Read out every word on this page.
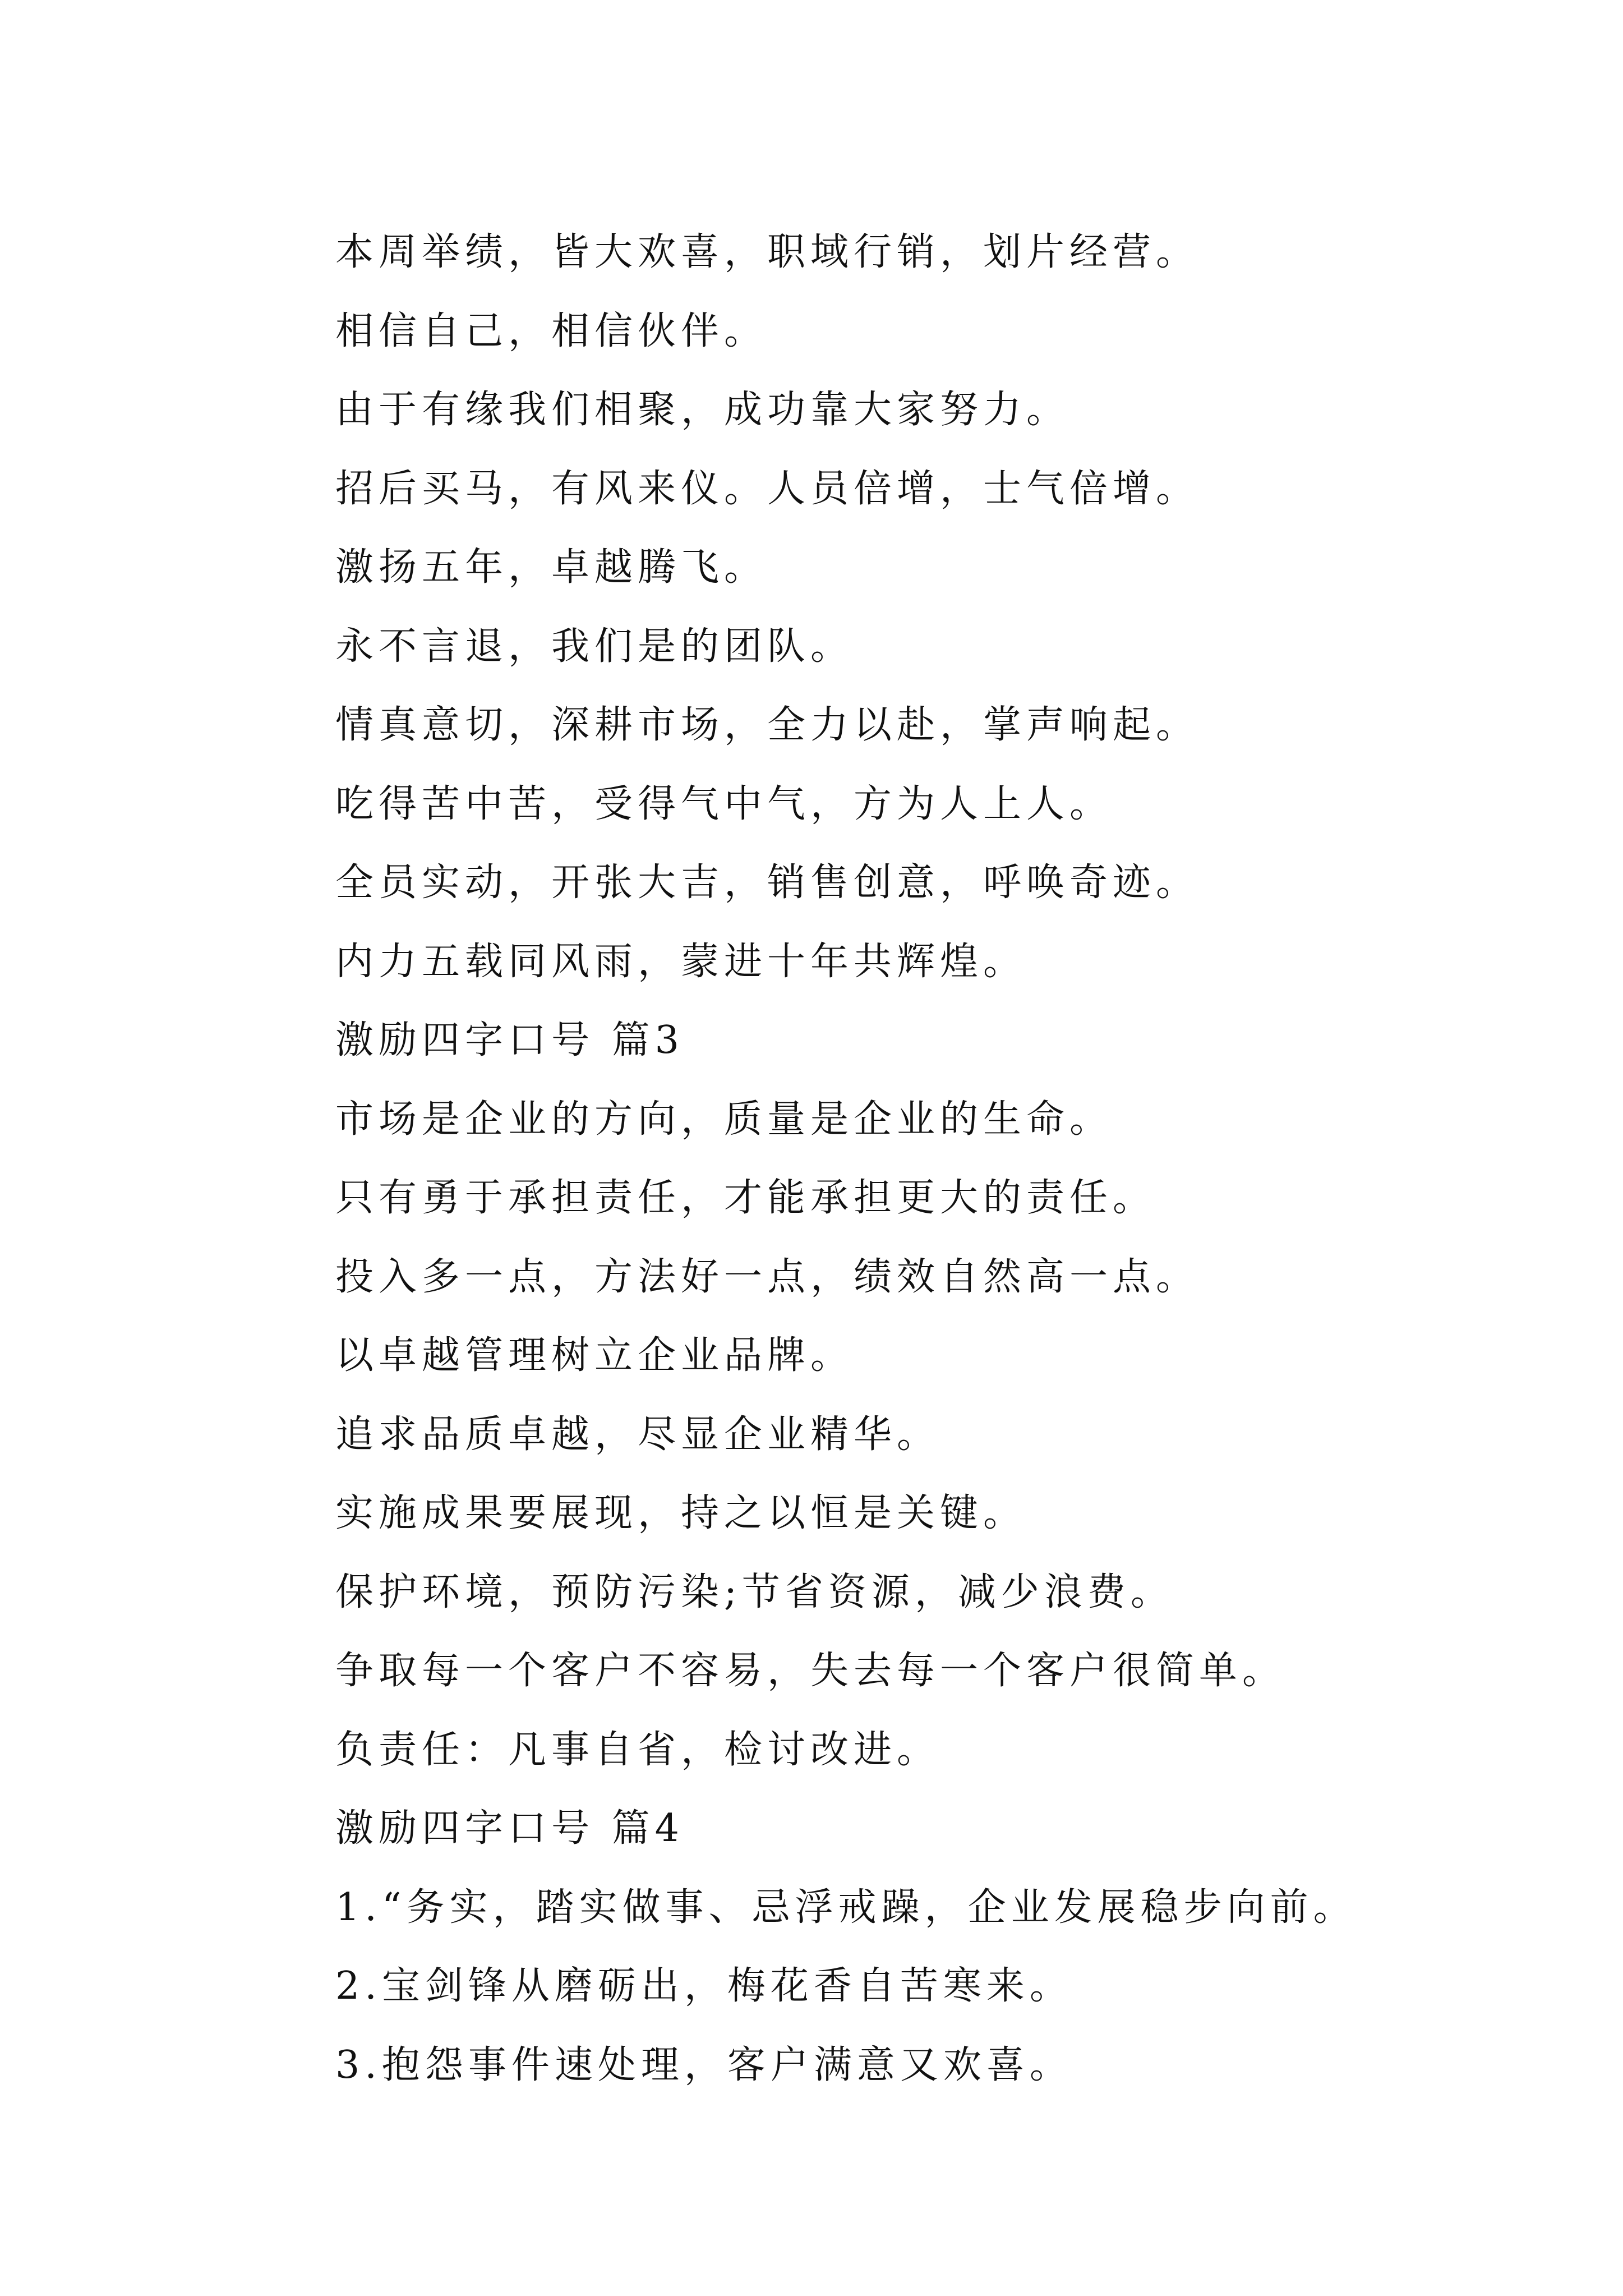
本周举绩，皆大欢喜，职域行销，划片经营。
相信自己，相信伙伴。
由于有缘我们相聚，成功靠大家努力。
招后买马，有风来仪。人员倍增，士气倍增。
激扬五年，卓越腾飞。
永不言退，我们是的团队。
情真意切，深耕市场，全力以赴，掌声响起。
吃得苦中苦，受得气中气，方为人上人。
全员实动，开张大吉，销售创意，呼唤奇迹。
内力五载同风雨，蒙进十年共辉煌。
激励四字口号 篇3
市场是企业的方向，质量是企业的生命。
只有勇于承担责任，才能承担更大的责任。
投入多一点，方法好一点，绩效自然高一点。
以卓越管理树立企业品牌。
追求品质卓越，尽显企业精华。
实施成果要展现，持之以恒是关键。
保护环境，预防污染;节省资源，减少浪费。
争取每一个客户不容易，失去每一个客户很简单。
负责任：凡事自省，检讨改进。
激励四字口号 篇4
1.“务实，踏实做事、忌浮戒躁，企业发展稳步向前。
2.宝剑锋从磨砺出，梅花香自苦寒来。
3.抱怨事件速处理，客户满意又欢喜。
